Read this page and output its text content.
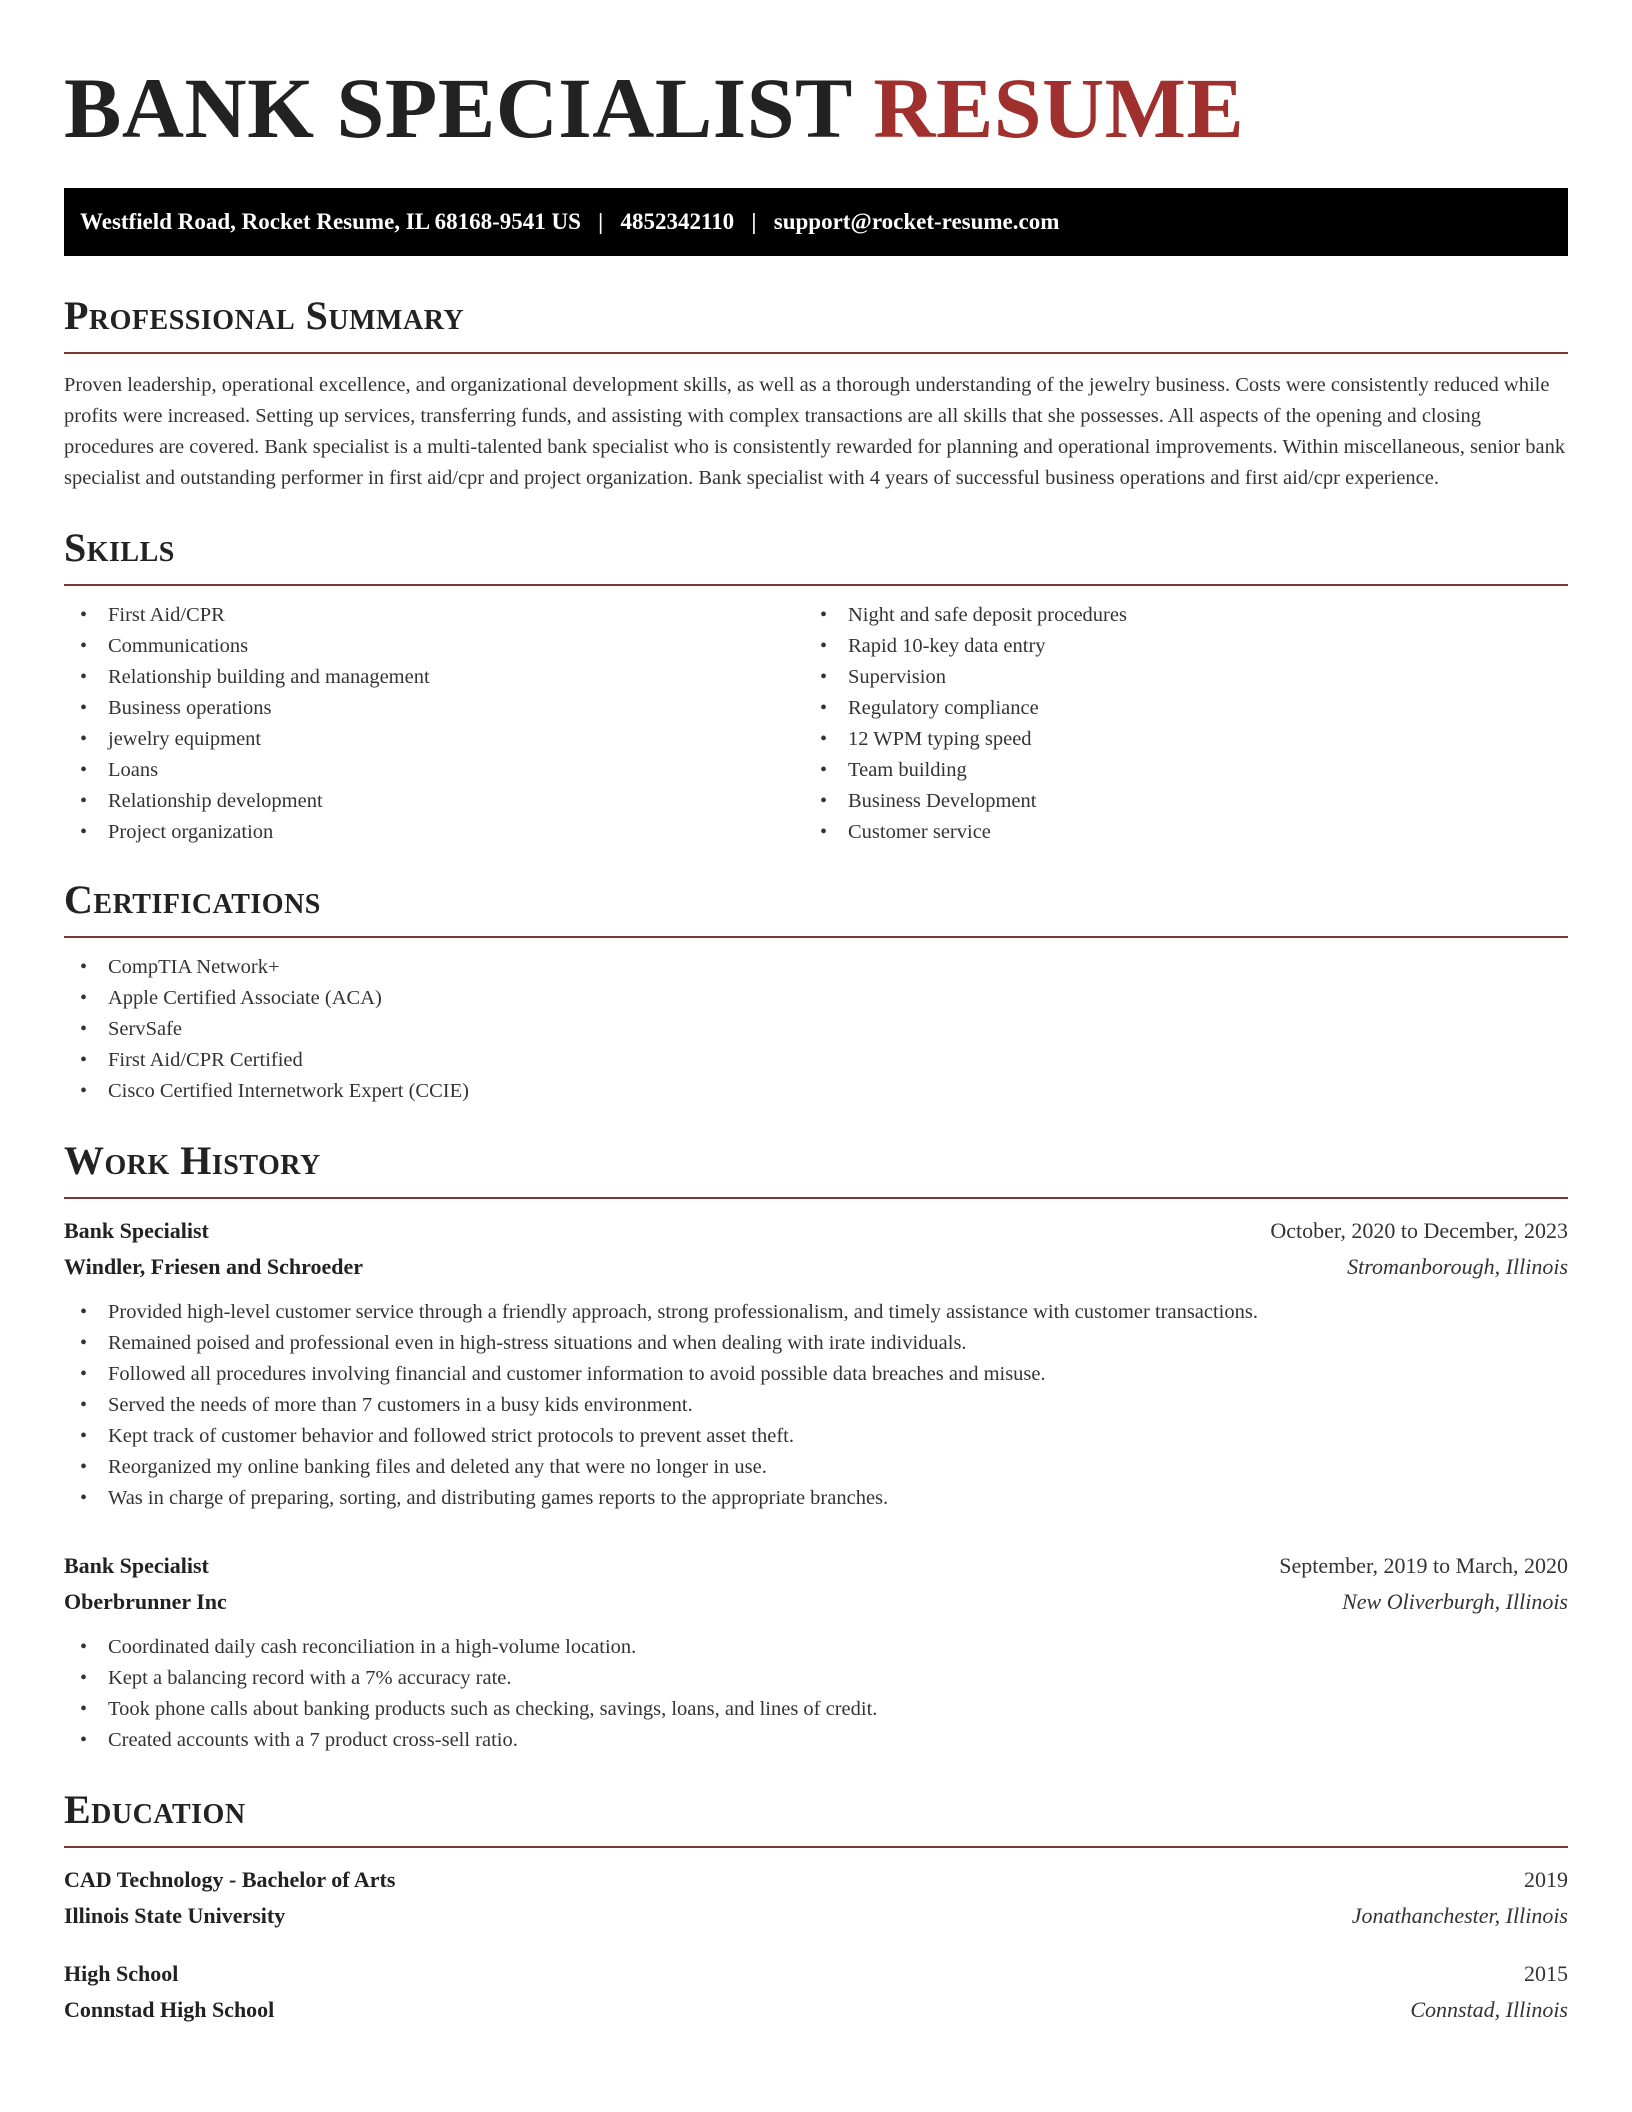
BANK SPECIALIST RESUME
Westfield Road, Rocket Resume, IL 68168-9541 US   |   4852342110   |   support@rocket-resume.com
Professional Summary

Proven leadership, operational excellence, and organizational development skills, as well as a thorough understanding of the jewelry business. Costs were consistently reduced while profits were increased. Setting up services, transferring funds, and assisting with complex transactions are all skills that she possesses. All aspects of the opening and closing procedures are covered. Bank specialist is a multi-talented bank specialist who is consistently rewarded for planning and operational improvements. Within miscellaneous, senior bank specialist and outstanding performer in first aid/cpr and project organization. Bank specialist with 4 years of successful business operations and first aid/cpr experience.

Skills
• First Aid/CPR
• Communications
• Relationship building and management
• Business operations
• jewelry equipment
• Loans
• Relationship development
• Project organization
• Night and safe deposit procedures
• Rapid 10-key data entry
• Supervision
• Regulatory compliance
• 12 WPM typing speed
• Team building
• Business Development
• Customer service
Certifications
• CompTIA Network+
• Apple Certified Associate (ACA)
• ServSafe
• First Aid/CPR Certified
• Cisco Certified Internetwork Expert (CCIE)
Work History
Bank Specialist	October, 2020 to December, 2023
Windler, Friesen and Schroeder	Stromanborough, Illinois
• Provided high-level customer service through a friendly approach, strong professionalism, and timely assistance with customer transactions.
• Remained poised and professional even in high-stress situations and when dealing with irate individuals.
• Followed all procedures involving financial and customer information to avoid possible data breaches and misuse.
• Served the needs of more than 7 customers in a busy kids environment.
• Kept track of customer behavior and followed strict protocols to prevent asset theft.
• Reorganized my online banking files and deleted any that were no longer in use.
• Was in charge of preparing, sorting, and distributing games reports to the appropriate branches.
Bank Specialist	September, 2019 to March, 2020
Oberbrunner Inc	New Oliverburgh, Illinois
• Coordinated daily cash reconciliation in a high-volume location.
• Kept a balancing record with a 7% accuracy rate.
• Took phone calls about banking products such as checking, savings, loans, and lines of credit.
• Created accounts with a 7 product cross-sell ratio.
Education
CAD Technology - Bachelor of Arts	2019
Illinois State University	Jonathanchester, Illinois
High School	2015
Connstad High School	Connstad, Illinois
